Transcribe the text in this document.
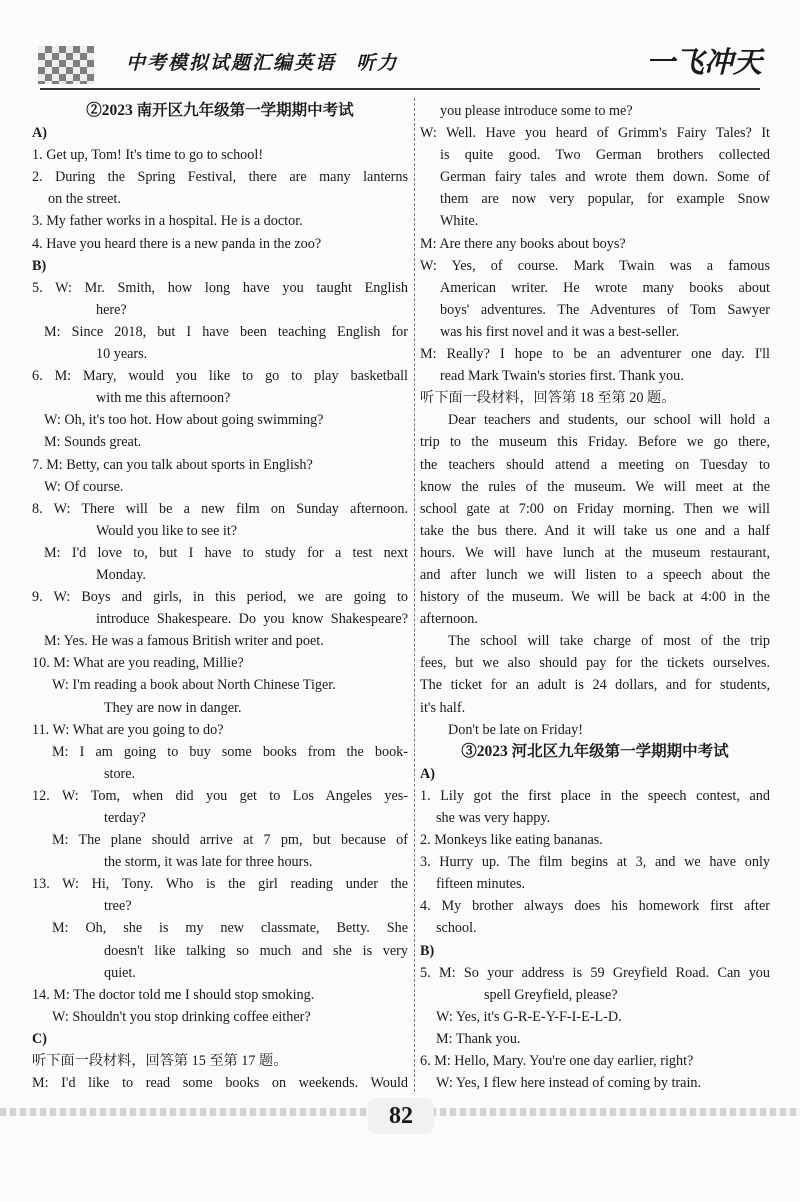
中考模拟试题汇编英语   听力	一飞冲天
②2023 南开区九年级第一学期期中考试
A)
1. Get up, Tom! It's time to go to school!
2. During the Spring Festival, there are many lanterns
on the street.
3. My father works in a hospital. He is a doctor.
4. Have you heard there is a new panda in the zoo?
B)
5. W: Mr. Smith, how long have you taught English
here?
M: Since 2018, but I have been teaching English for
10 years.
6. M: Mary, would you like to go to play basketball
with me this afternoon?
W: Oh, it's too hot. How about going swimming?
M: Sounds great.
7. M: Betty, can you talk about sports in English?
W: Of course.
8. W: There will be a new film on Sunday afternoon.
Would you like to see it?
M: I'd love to, but I have to study for a test next
Monday.
9. W: Boys and girls, in this period, we are going to
introduce Shakespeare. Do you know Shakespeare?
M: Yes. He was a famous British writer and poet.
10. M: What are you reading, Millie?
W: I'm reading a book about North Chinese Tiger.
They are now in danger.
11. W: What are you going to do?
M: I am going to buy some books from the book-
store.
12. W: Tom, when did you get to Los Angeles yes-
terday?
M: The plane should arrive at 7 pm, but because of
the storm, it was late for three hours.
13. W: Hi, Tony. Who is the girl reading under the
tree?
M: Oh, she is my new classmate, Betty. She
doesn't like talking so much and she is very
quiet.
14. M: The doctor told me I should stop smoking.
W: Shouldn't you stop drinking coffee either?
C)
听下面一段材料，回答第 15 至第 17 题。
M: I'd like to read some books on weekends. Would
you please introduce some to me?
W: Well. Have you heard of Grimm's Fairy Tales? It
is quite good. Two German brothers collected
German fairy tales and wrote them down. Some of
them are now very popular, for example Snow
White.
M: Are there any books about boys?
W: Yes, of course. Mark Twain was a famous
American writer. He wrote many books about
boys' adventures. The Adventures of Tom Sawyer
was his first novel and it was a best-seller.
M: Really? I hope to be an adventurer one day. I'll
read Mark Twain's stories first. Thank you.
听下面一段材料，回答第 18 至第 20 题。
Dear teachers and students, our school will hold a
trip to the museum this Friday. Before we go there,
the teachers should attend a meeting on Tuesday to
know the rules of the museum. We will meet at the
school gate at 7:00 on Friday morning. Then we will
take the bus there. And it will take us one and a half
hours. We will have lunch at the museum restaurant,
and after lunch we will listen to a speech about the
history of the museum. We will be back at 4:00 in the
afternoon.
The school will take charge of most of the trip
fees, but we also should pay for the tickets ourselves.
The ticket for an adult is 24 dollars, and for students,
it's half.
Don't be late on Friday!
③2023 河北区九年级第一学期期中考试
A)
1. Lily got the first place in the speech contest, and
she was very happy.
2. Monkeys like eating bananas.
3. Hurry up. The film begins at 3, and we have only
fifteen minutes.
4. My brother always does his homework first after
school.
B)
5. M: So your address is 59 Greyfield Road. Can you
spell Greyfield, please?
W: Yes, it's G-R-E-Y-F-I-E-L-D.
M: Thank you.
6. M: Hello, Mary. You're one day earlier, right?
W: Yes, I flew here instead of coming by train.
82
